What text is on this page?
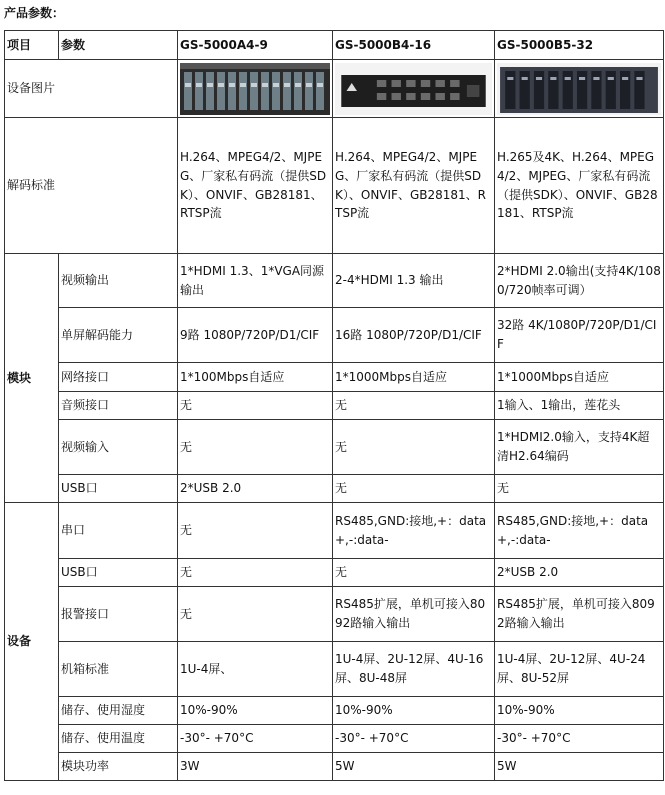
产品参数：
项目	参数	GS-5000A4-9	GS-5000B4-16	GS-5000B5-32
设备图片	

解码标准		H.264、MPEG4/2、MJPEG、厂家私有码流（提供SDK）、ONVIF、GB28181、RTSP流	H.264、MPEG4/2、MJPEG、厂家私有码流（提供SDK）、ONVIF、GB28181、RTSP流	H.265及4K、H.264、MPEG4/2、MJPEG、厂家私有码流（提供SDK）、ONVIF、GB28181、RTSP流
模块	视频输出	1*HDMI 1.3、1*VGA同源输出	2-4*HDMI 1.3 输出	2*HDMI 2.0输出(支持4K/1080/720帧率可调）
	单屏解码能力	9路 1080P/720P/D1/CIF	16路 1080P/720P/D1/CIF	32路 4K/1080P/720P/D1/CIF
	网络接口	1*100Mbps自适应	1*1000Mbps自适应	1*1000Mbps自适应
	音频接口	无	无	1输入、1输出，莲花头
	视频输入	无	无	1*HDMI2.0输入，支持4K超清H2.64编码
	USB口	2*USB 2.0	无	无
设备	串口	无	RS485,GND:接地,+：data+,-:data-	RS485,GND:接地,+：data+,-:data-
	USB口	无	无	2*USB 2.0
	报警接口	无	RS485扩展，单机可接入8092路输入输出	RS485扩展，单机可接入8092路输入输出
	机箱标准	1U-4屏、	1U-4屏、2U-12屏、4U-16屏、8U-48屏	1U-4屏、2U-12屏、4U-24屏、8U-52屏
	储存、使用湿度	10%-90%	10%-90%	10%-90%
	储存、使用温度	-30°- +70°C	-30°- +70°C	-30°- +70°C
	模块功率	3W	5W	5W
